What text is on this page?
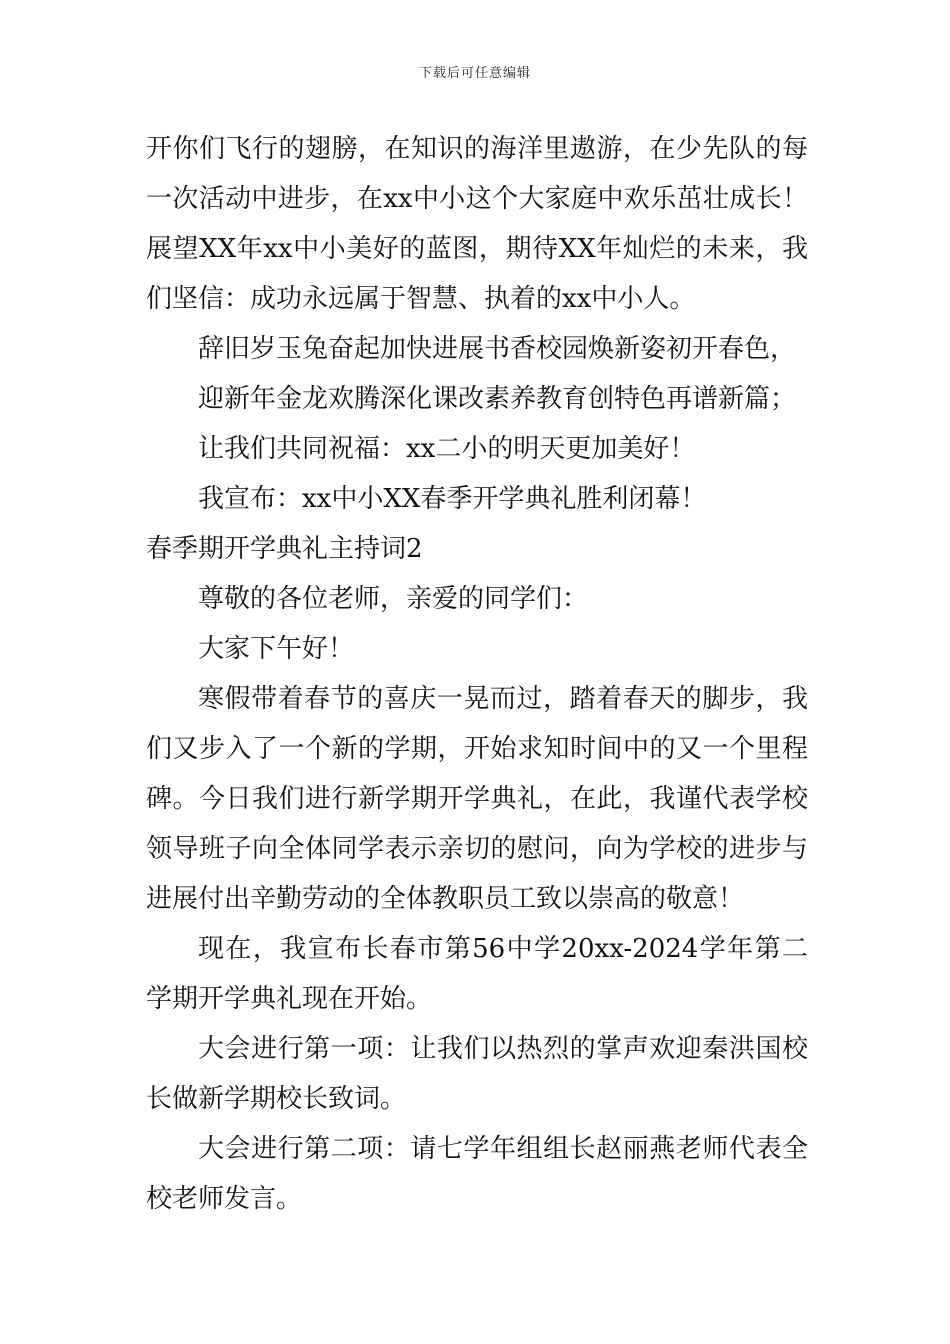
下载后可任意编辑

开你们飞行的翅膀，在知识的海洋里遨游，在少先队的每一次活动中进步，在xx中小这个大家庭中欢乐茁壮成长！展望XX年xx中小美好的蓝图，期待XX年灿烂的未来，我们坚信：成功永远属于智慧、执着的xx中小人。

辞旧岁玉兔奋起加快进展书香校园焕新姿初开春色，

迎新年金龙欢腾深化课改素养教育创特色再谱新篇；

让我们共同祝福：xx二小的明天更加美好！

我宣布：xx中小XX春季开学典礼胜利闭幕！

春季期开学典礼主持词2

尊敬的各位老师，亲爱的同学们：

大家下午好！

寒假带着春节的喜庆一晃而过，踏着春天的脚步，我们又步入了一个新的学期，开始求知时间中的又一个里程碑。今日我们进行新学期开学典礼，在此，我谨代表学校领导班子向全体同学表示亲切的慰问，向为学校的进步与进展付出辛勤劳动的全体教职员工致以崇高的敬意！

现在，我宣布长春市第56中学20xx-2024学年第二学期开学典礼现在开始。

大会进行第一项：让我们以热烈的掌声欢迎秦洪国校长做新学期校长致词。

大会进行第二项：请七学年组组长赵丽燕老师代表全校老师发言。
